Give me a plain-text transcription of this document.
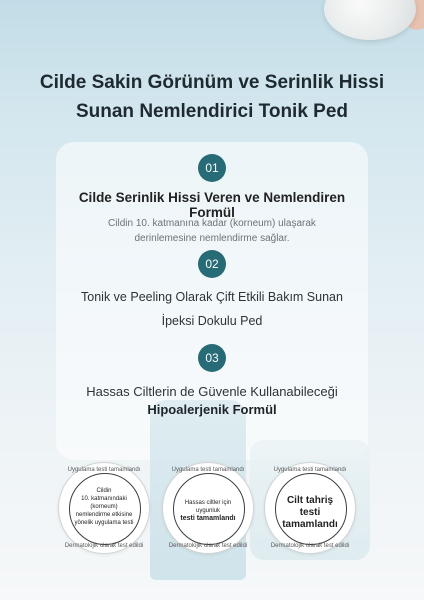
Cilde Sakin Görünüm ve Serinlik Hissi
Sunan Nemlendirici Tonik Ped
01
Cilde Serinlik Hissi Veren ve Nemlendiren Formül
Cildin 10. katmanına kadar (korneum) ulaşarak
derinlemesine nemlendirme sağlar.
02
Tonik ve Peeling Olarak Çift Etkili Bakım Sunan
İpeksi Dokulu Ped
03
Hassas Ciltlerin de Güvenle Kullanabileceği
Hipoalerjenik Formül
Uygulama testi tamamlandı
Cildin
10. katmanındaki
(korneum)
nemlendirme etkisine
yönelik uygulama testi
Dermatolojik olarak test edildi
Uygulama testi tamamlandı
Hassas ciltler için uygunluk
testi tamamlandı
Dermatolojik olarak test edildi
Uygulama testi tamamlandı
Cilt tahriş
testi tamamlandı
Dermatolojik olarak test edildi
